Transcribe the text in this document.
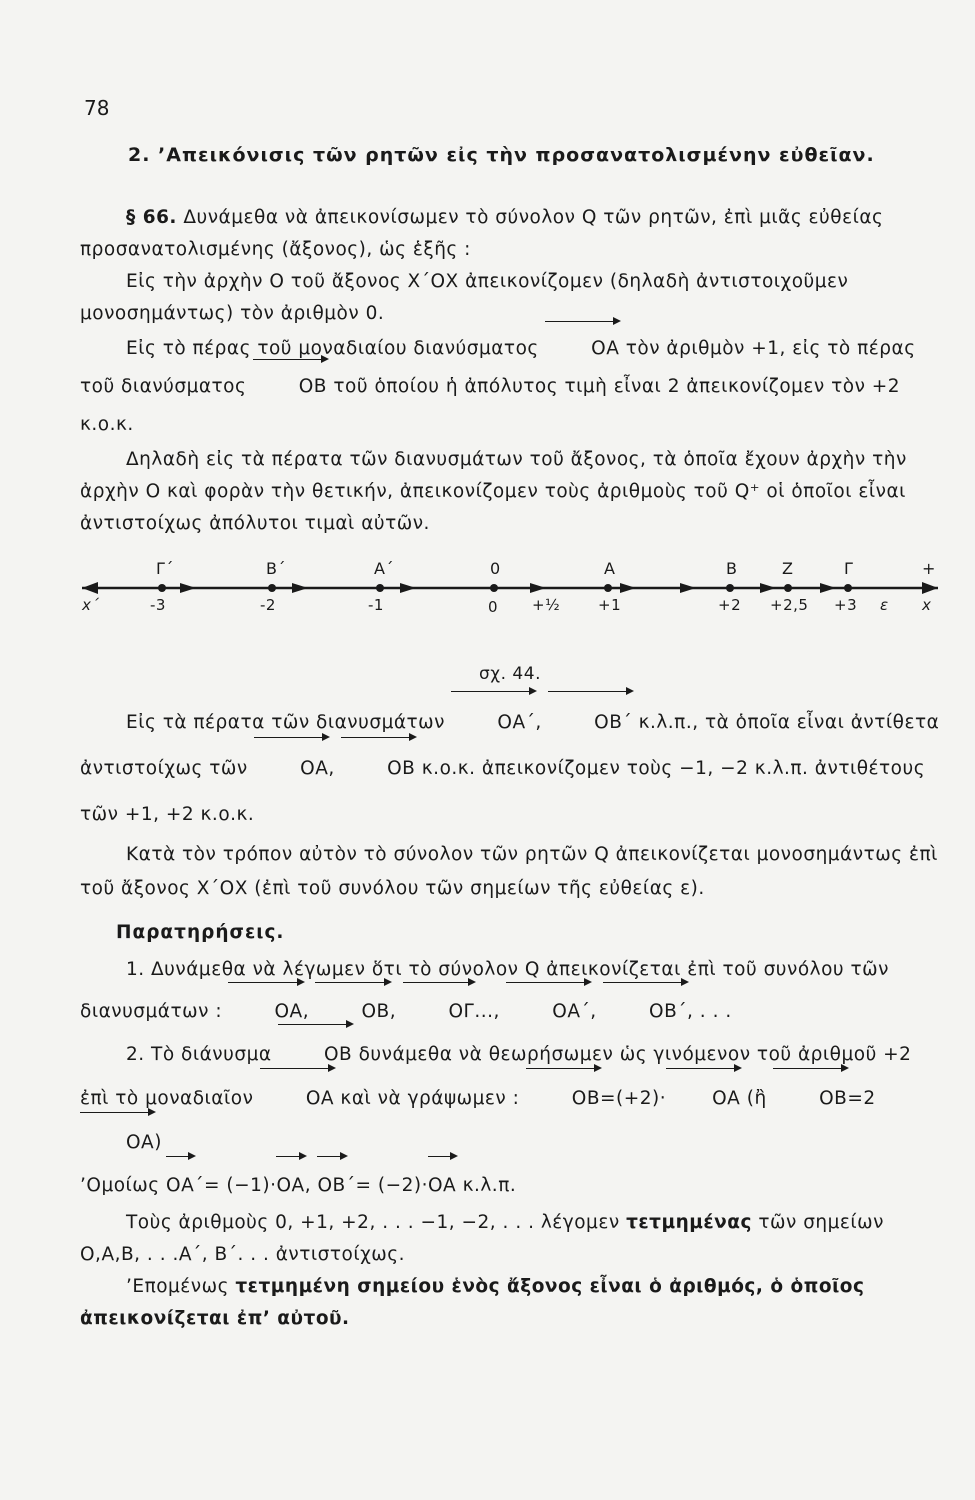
78
2. ’Απεικόνισις τῶν ρητῶν εἰς τὴν προσανατολισμένην εὐθεῖαν.

§ 66. Δυνάμεθα νὰ ἀπεικονίσωμεν τὸ σύνολον Q τῶν ρητῶν, ἐπὶ μιᾶς εὐθείας προσανατολισμένης (ἄξονος), ὡς ἑξῆς :

Εἰς τὴν ἀρχὴν Ο τοῦ ἄξονος Χ΄ΟΧ ἀπεικονίζομεν (δηλαδὴ ἀντιστοιχοῦμεν μονοσημάντως) τὸν ἀριθμὸν 0.

Εἰς τὸ πέρας τοῦ μοναδιαίου διανύσματος	ΟΑ τὸν ἀριθμὸν +1, εἰς τὸ πέρας τοῦ διανύσματος	ΟΒ τοῦ ὁποίου ἡ ἀπόλυτος τιμὴ εἶναι 2 ἀπεικονίζομεν τὸν +2 κ.ο.κ.

Δηλαδὴ εἰς τὰ πέρατα τῶν διανυσμάτων τοῦ ἄξονος, τὰ ὁποῖα ἔχουν ἀρχὴν τὴν ἀρχὴν Ο καὶ φορὰν τὴν θετικήν, ἀπεικονίζομεν τοὺς ἀριθμοὺς τοῦ Q⁺ οἱ ὁποῖοι εἶναι ἀντιστοίχως ἀπόλυτοι τιμαὶ αὐτῶν.

Γ΄	Β΄	Α΄	0	Α	Β	Ζ	Γ	+
x΄	-3	-2	-1	0 +½	+1	+2 +2,5 +3 ε x
σχ. 44.

Εἰς τὰ πέρατα τῶν διανυσμάτων	ΟΑ΄,	ΟΒ΄ κ.λ.π., τὰ ὁποῖα εἶναι ἀντίθετα ἀντιστοίχως τῶν	ΟΑ, ΟΒ κ.ο.κ. ἀπεικονίζομεν τοὺς −1, −2 κ.λ.π. ἀντιθέτους τῶν +1, +2 κ.ο.κ.

Κατὰ τὸν τρόπον αὐτὸν τὸ σύνολον τῶν ρητῶν Q ἀπεικονίζεται μονοσημάντως ἐπὶ τοῦ ἄξονος Χ΄ΟΧ (ἐπὶ τοῦ συνόλου τῶν σημείων τῆς εὐθείας ε).

Παρατηρήσεις.

1. Δυνάμεθα νὰ λέγωμεν ὅτι τὸ σύνολον Q ἀπεικονίζεται ἐπὶ τοῦ συνόλου τῶν διανυσμάτων :	ΟΑ, ΟΒ, ΟΓ...,	ΟΑ΄, ΟΒ΄, . . .

2. Τὸ διάνυσμα	ΟΒ δυνάμεθα νὰ θεωρήσωμεν ὡς γινόμενον τοῦ ἀριθμοῦ +2 ἐπὶ τὸ μοναδιαῖον	ΟΑ καὶ νὰ γράψωμεν :	ΟΒ=(+2)· ΟΑ (ἢ	ΟΒ=2ΟΑ)

’Ομοίως ΟΑ΄= (−1)·ΟΑ, ΟΒ΄= (−2)·ΟΑ κ.λ.π.

Τοὺς ἀριθμοὺς 0, +1, +2, . . . −1, −2, . . . λέγομεν τετμημένας τῶν σημείων Ο,Α,Β, . . .Α΄, Β΄. . . ἀντιστοίχως.

’Επομένως τετμημένη σημείου ἑνὸς ἄξονος εἶναι ὁ ἀριθμός, ὁ ὁποῖος ἀπεικονίζεται ἐπ’ αὐτοῦ.
